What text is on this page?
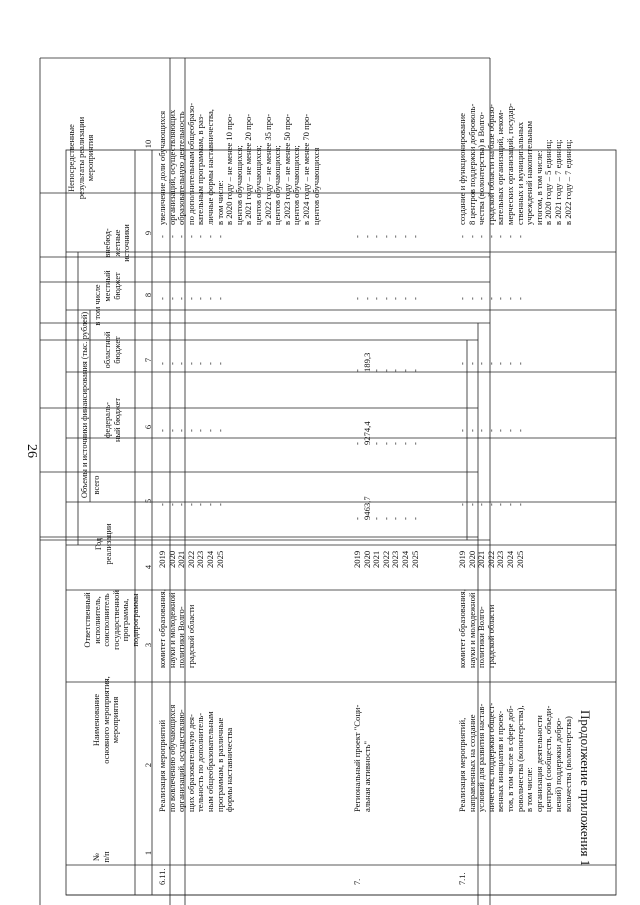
26
Продолжение приложения 1
№ п/п
Наименование основного мероприятия, мероприятия
Ответственный исполнитель, соисполнитель государственной программы, подпрограммы
Год реализации
Объемы и источники финансирования (тыс. рублей) всего
в том числе
федераль- ный бюджет
областной бюджет
местный бюджет
внебюд- жетные источники
Непосредственные результаты реализации мероприятия
1
2
3
4
5
6
7
8
9
10
6.11.
Реализация мероприятий по вовлечению обучающихся организаций, осуществляю- щих образовательную дея- тельность по дополнитель- ным общеобразовательным программам, в различные формы наставничества
комитет образования, науки и молодежной политики Волго- градской области
2019 2020 2021 2022 2023 2024 2025
- - - - - - -
- - - - - - -
- - - - - - -
- - - - - - -
- - - - - - -
увеличение доли обучающихся организаций, осуществляющих образовательную деятельность по дополнительным общеобразо- вательным программам, в раз- личные формы наставничества, в том числе: в 2020 году – не менее 10 про- центов обучающихся; в 2021 году – не менее 20 про- центов обучающихся; в 2022 году – не менее 35 про- центов обучающихся; в 2023 году – не менее 50 про- центов обучающихся; в 2024 году – не менее 70 про- центов обучающихся
7.
Региональный проект "Соци- альная активность"
2019 2020 2021 2022 2023 2024 2025
- 9463,7 - - - - -
- 9274,4 - - - - -
- 189,3 - - - - -
- - - - - - -
- - - - - - -
7.1.
Реализация мероприятий, направленных на создание условий для развития настав- ничества, поддержки общест- венных инициатив и проек- тов, в том числе в сфере доб- ровольчества (волонтерства), в том числе: организация деятельности центров (сообществ, объеди- нений) поддержки добро- вольчества (волонтерства)
комитет образования, науки и молодежной политики Волго- градской области
2019 2020 2021 2022 2023 2024 2025
- - - - - - -
- - - - - - -
- - - - - - -
- - - - - - -
- - - - - - -
создание и функционирование 8 центров поддержки доброволь- чества (волонтерства) в Волго- градской области на базе образо- вательных организаций, неком- мерческих организаций, государ- ственных и муниципальных учреждений накопительным итогом, в том числе: в 2020 году – 5 единиц; в 2021 году – 7 единиц; в 2022 году – 7 единиц;
